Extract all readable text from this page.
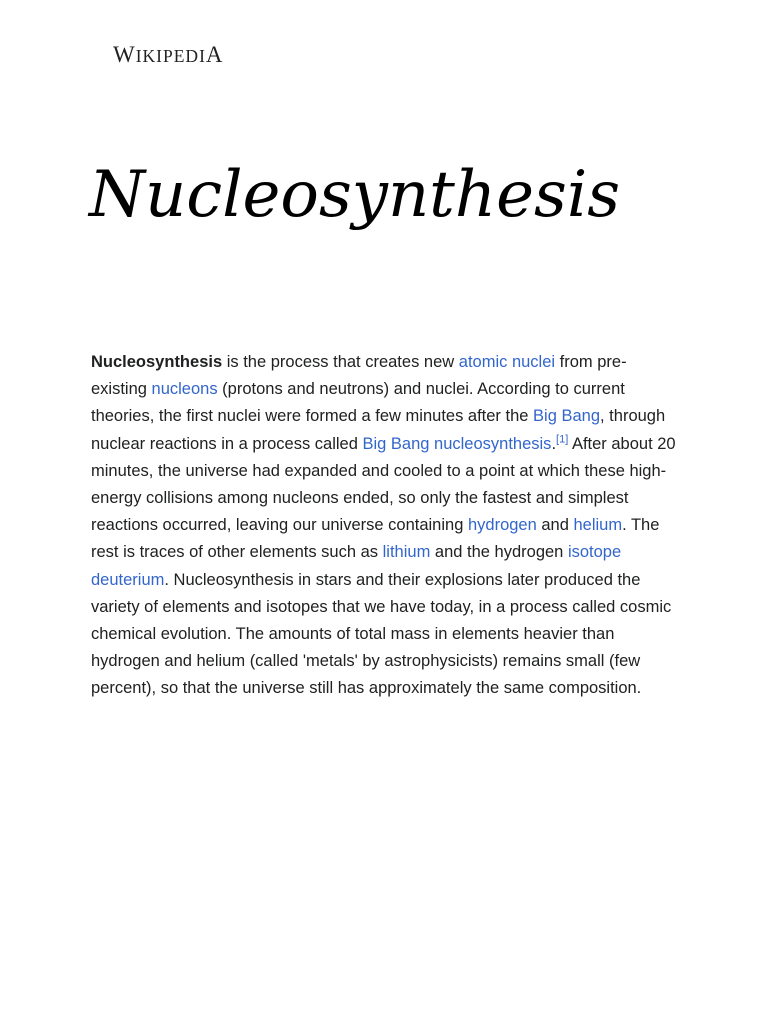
WIKIPEDIA
Nucleosynthesis

Nucleosynthesis is the process that creates new atomic nuclei from pre-existing nucleons (protons and neutrons) and nuclei. According to current theories, the first nuclei were formed a few minutes after the Big Bang, through nuclear reactions in a process called Big Bang nucleosynthesis.[1] After about 20 minutes, the universe had expanded and cooled to a point at which these high-energy collisions among nucleons ended, so only the fastest and simplest reactions occurred, leaving our universe containing hydrogen and helium. The rest is traces of other elements such as lithium and the hydrogen isotope deuterium. Nucleosynthesis in stars and their explosions later produced the variety of elements and isotopes that we have today, in a process called cosmic chemical evolution. The amounts of total mass in elements heavier than hydrogen and helium (called 'metals' by astrophysicists) remains small (few percent), so that the universe still has approximately the same composition.
